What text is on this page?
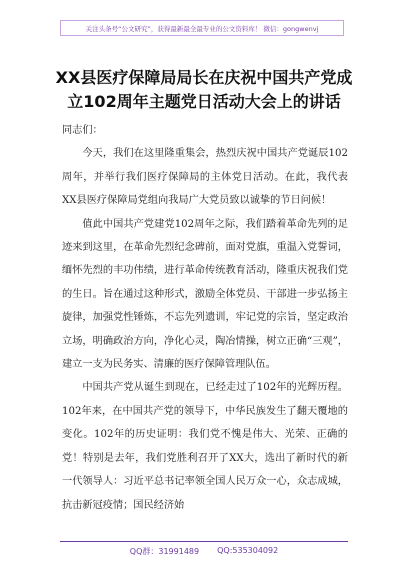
关注头条号“公文研究”，获得最新最全最专业的公文资料库！ 微信：gongwenvj
XX县医疗保障局局长在庆祝中国共产党成
立102周年主题党日活动大会上的讲话

同志们：

今天，我们在这里隆重集会，热烈庆祝中国共产党诞辰102周年，并举行我们医疗保障局的主体党日活动。在此，我代表XX县医疗保障局党组向我局广大党员致以诚挚的节日问候！

值此中国共产党建党102周年之际，我们踏着革命先列的足迹来到这里，在革命先烈纪念碑前，面对党旗，重温入党誓词，缅怀先烈的丰功伟绩，进行革命传统教育活动，隆重庆祝我们党的生日。旨在通过这种形式，激励全体党员、干部进一步弘扬主旋律，加强党性锤炼，不忘先列遗训，牢记党的宗旨，坚定政治立场，明确政治方向，净化心灵，陶冶情操，树立正确“三观”，建立一支为民务实、清廉的医疗保障管理队伍。

中国共产党从诞生到现在，已经走过了102年的光辉历程。102年来，在中国共产党的领导下，中华民族发生了翻天覆地的变化。102年的历史证明：我们党不愧是伟大、光荣、正确的党！特别是去年，我们党胜利召开了XX大，选出了新时代的新一代领导人：习近平总书记率领全国人民万众一心，众志成城，抗击新冠疫情；国民经济始

QQ群：31991489 QQ:535304092
